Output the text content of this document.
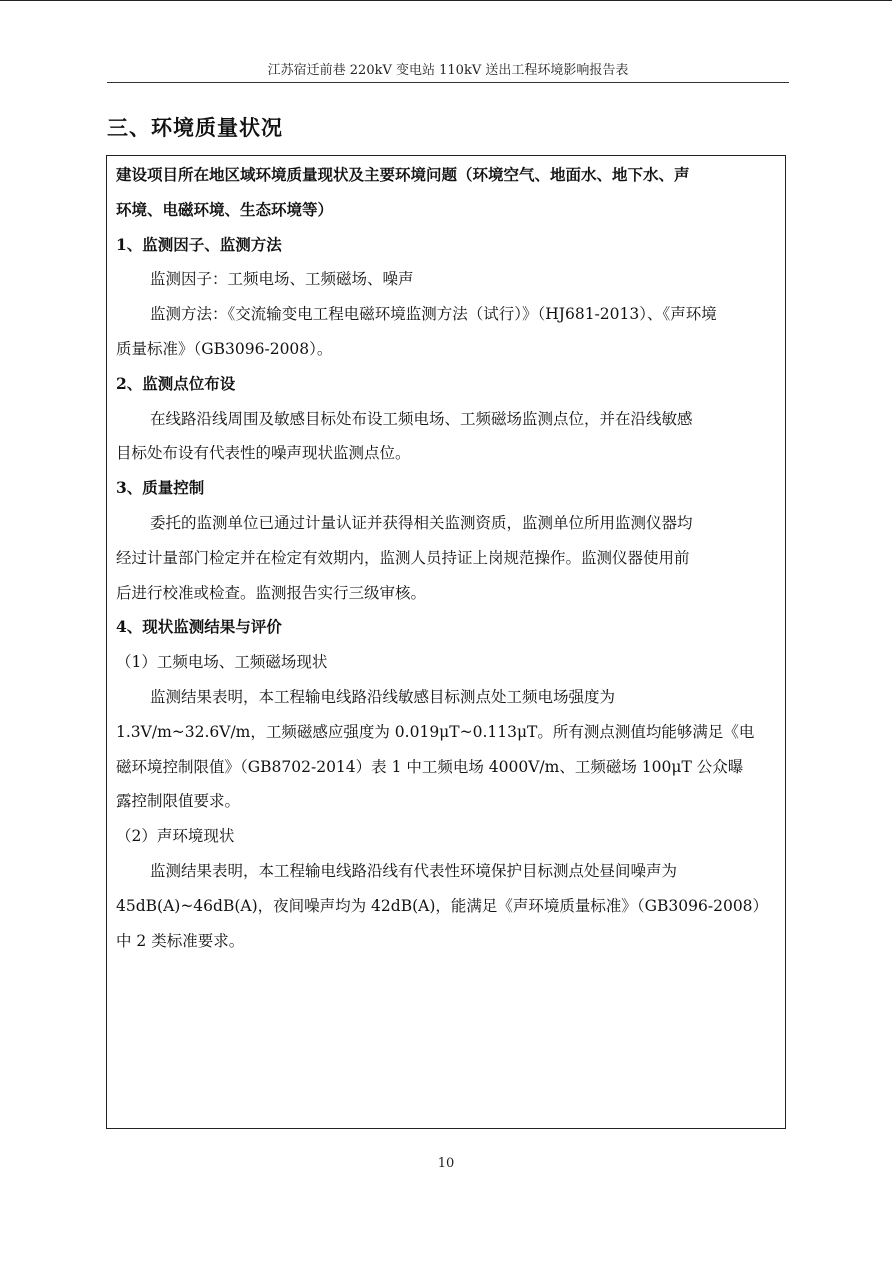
江苏宿迁前巷 220kV 变电站 110kV 送出工程环境影响报告表
三、环境质量状况
建设项目所在地区域环境质量现状及主要环境问题（环境空气、地面水、地下水、声
环境、电磁环境、生态环境等）
1、监测因子、监测方法
监测因子：工频电场、工频磁场、噪声
监测方法：《交流输变电工程电磁环境监测方法（试行）》（HJ681-2013）、《声环境
质量标准》（GB3096-2008）。
2、监测点位布设
在线路沿线周围及敏感目标处布设工频电场、工频磁场监测点位，并在沿线敏感
目标处布设有代表性的噪声现状监测点位。
3、质量控制
委托的监测单位已通过计量认证并获得相关监测资质，监测单位所用监测仪器均
经过计量部门检定并在检定有效期内，监测人员持证上岗规范操作。监测仪器使用前
后进行校准或检查。监测报告实行三级审核。
4、现状监测结果与评价
（1）工频电场、工频磁场现状
监测结果表明，本工程输电线路沿线敏感目标测点处工频电场强度为
1.3V/m~32.6V/m，工频磁感应强度为 0.019μT~0.113μT。所有测点测值均能够满足《电
磁环境控制限值》（GB8702-2014）表 1 中工频电场 4000V/m、工频磁场 100μT 公众曝
露控制限值要求。
（2）声环境现状
监测结果表明，本工程输电线路沿线有代表性环境保护目标测点处昼间噪声为
45dB(A)~46dB(A)，夜间噪声均为 42dB(A)，能满足《声环境质量标准》（GB3096-2008）
中 2 类标准要求。
10
